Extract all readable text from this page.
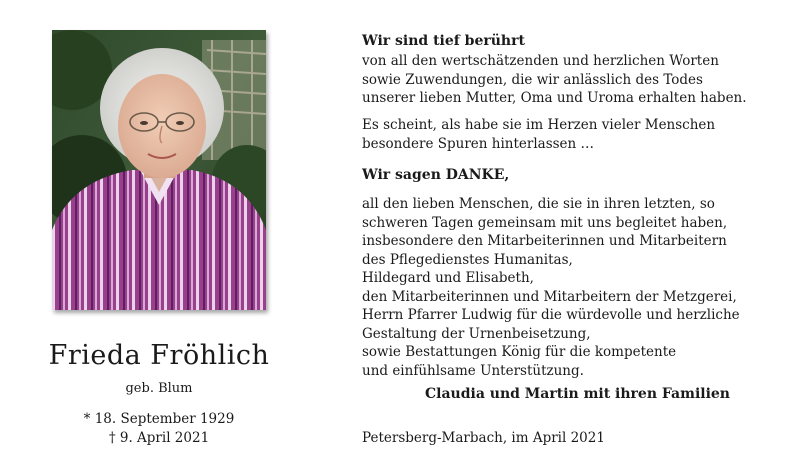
Frieda Fröhlich
geb. Blum
* 18. September 1929
† 9. April 2021
Wir sind tief berührt

von all den wertschätzenden und herzlichen Worten

sowie Zuwendungen, die wir anlässlich des Todes

unserer lieben Mutter, Oma und Uroma erhalten haben.

Es scheint, als habe sie im Herzen vieler Menschen

besondere Spuren hinterlassen …

Wir sagen DANKE,

all den lieben Menschen, die sie in ihren letzten, so

schweren Tagen gemeinsam mit uns begleitet haben,

insbesondere den Mitarbeiterinnen und Mitarbeitern

des Pflegedienstes Humanitas,

Hildegard und Elisabeth,

den Mitarbeiterinnen und Mitarbeitern der Metzgerei,

Herrn Pfarrer Ludwig für die würdevolle und herzliche

Gestaltung der Urnenbeisetzung,

sowie Bestattungen König für die kompetente

und einfühlsame Unterstützung.

Claudia und Martin mit ihren Familien
Petersberg-Marbach, im April 2021
